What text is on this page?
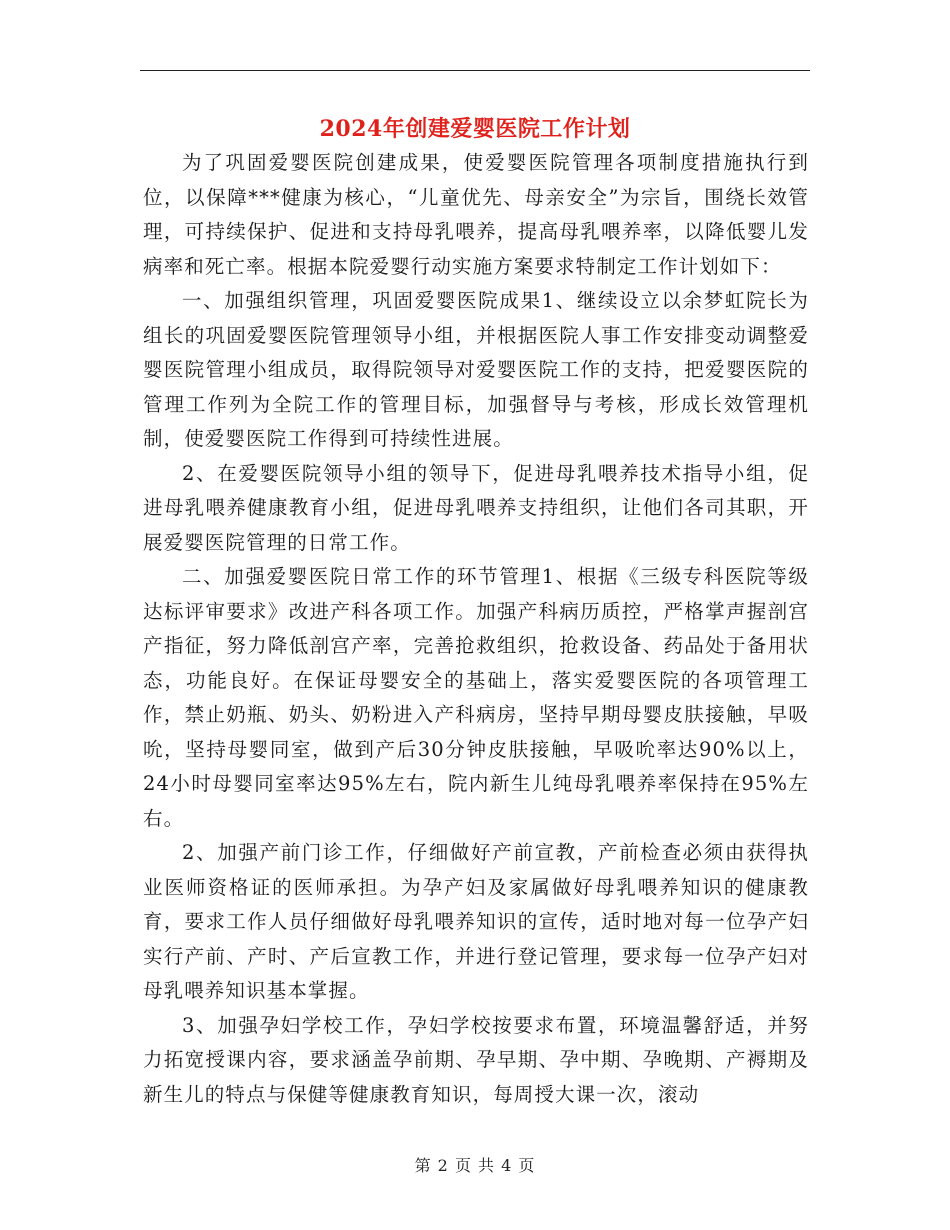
2024年创建爱婴医院工作计划

为了巩固爱婴医院创建成果，使爱婴医院管理各项制度措施执行到位，以保障***健康为核心，“儿童优先、母亲安全”为宗旨，围绕长效管理，可持续保护、促进和支持母乳喂养，提高母乳喂养率，以降低婴儿发病率和死亡率。根据本院爱婴行动实施方案要求特制定工作计划如下：

一、加强组织管理，巩固爱婴医院成果1、继续设立以余梦虹院长为组长的巩固爱婴医院管理领导小组，并根据医院人事工作安排变动调整爱婴医院管理小组成员，取得院领导对爱婴医院工作的支持，把爱婴医院的管理工作列为全院工作的管理目标，加强督导与考核，形成长效管理机制，使爱婴医院工作得到可持续性进展。

2、在爱婴医院领导小组的领导下，促进母乳喂养技术指导小组，促进母乳喂养健康教育小组，促进母乳喂养支持组织，让他们各司其职，开展爱婴医院管理的日常工作。

二、加强爱婴医院日常工作的环节管理1、根据《三级专科医院等级达标评审要求》改进产科各项工作。加强产科病历质控，严格掌声握剖宫产指征，努力降低剖宫产率，完善抢救组织，抢救设备、药品处于备用状态，功能良好。在保证母婴安全的基础上，落实爱婴医院的各项管理工作，禁止奶瓶、奶头、奶粉进入产科病房，坚持早期母婴皮肤接触，早吸吮，坚持母婴同室，做到产后30分钟皮肤接触，早吸吮率达90%以上，24小时母婴同室率达95%左右，院内新生儿纯母乳喂养率保持在95%左右。

2、加强产前门诊工作，仔细做好产前宣教，产前检查必须由获得执业医师资格证的医师承担。为孕产妇及家属做好母乳喂养知识的健康教育，要求工作人员仔细做好母乳喂养知识的宣传，适时地对每一位孕产妇实行产前、产时、产后宣教工作，并进行登记管理，要求每一位孕产妇对母乳喂养知识基本掌握。

3、加强孕妇学校工作，孕妇学校按要求布置，环境温馨舒适，并努力拓宽授课内容，要求涵盖孕前期、孕早期、孕中期、孕晚期、产褥期及新生儿的特点与保健等健康教育知识，每周授大课一次，滚动

第 2 页 共 4 页
